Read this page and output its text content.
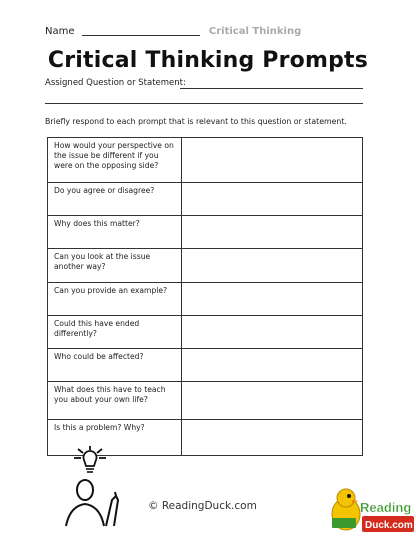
Name	Critical Thinking
Critical Thinking Prompts
Assigned Question or Statement:
Briefly respond to each prompt that is relevant to this question or statement.
How would your perspective on the issue be different if you were on the opposing side?	
Do you agree or disagree?	
Why does this matter?	
Can you look at the issue another way?	
Can you provide an example?	
Could this have ended differently?	
Who could be affected?	
What does this have to teach you about your own life?	
Is this a problem? Why?	
© ReadingDuck.com	Reading
Duck.com
